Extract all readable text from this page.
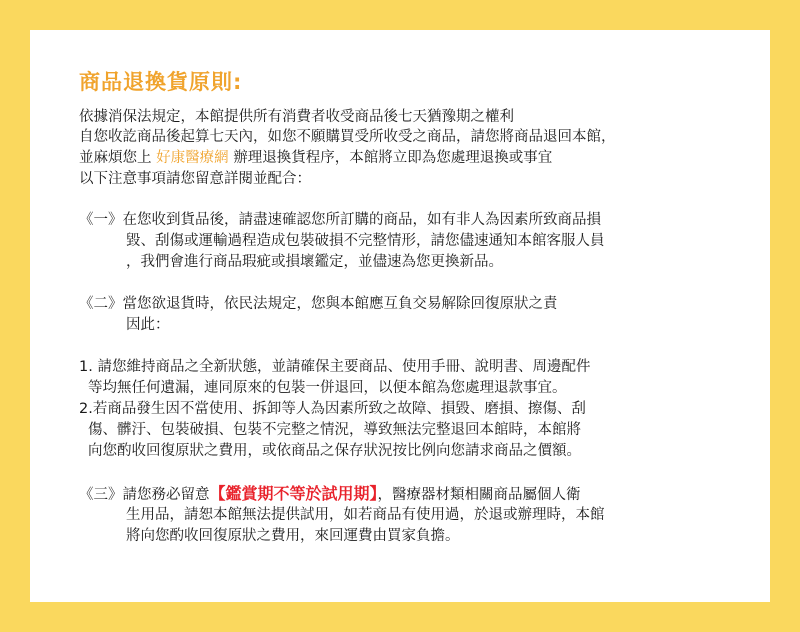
商品退換貨原則:
依據消保法規定，本館提供所有消費者收受商品後七天猶豫期之權利
自您收訖商品後起算七天內，如您不願購買受所收受之商品，請您將商品退回本館，
並麻煩您上 好康醫療網 辦理退換貨程序，本館將立即為您處理退換或事宜
以下注意事項請您留意詳閱並配合：
《一》在您收到貨品後，請盡速確認您所訂購的商品，如有非人為因素所致商品損
毀、刮傷或運輸過程造成包裝破損不完整情形，請您儘速通知本館客服人員
，我們會進行商品瑕疵或損壞鑑定，並儘速為您更換新品。
《二》當您欲退貨時，依民法規定，您與本館應互負交易解除回復原狀之責
因此：
1. 請您維持商品之全新狀態，並請確保主要商品、使用手冊、說明書、周邊配件
等均無任何遺漏，連同原來的包裝一併退回，以便本館為您處理退款事宜。
2.若商品發生因不當使用、拆卸等人為因素所致之故障、損毀、磨損、擦傷、刮
傷、髒汙、包裝破損、包裝不完整之情況，導致無法完整退回本館時，本館將
向您酌收回復原狀之費用，或依商品之保存狀況按比例向您請求商品之價額。
《三》請您務必留意【鑑賞期不等於試用期】，醫療器材類相關商品屬個人衛
生用品，請恕本館無法提供試用，如若商品有使用過，於退或辦理時，本館
將向您酌收回復原狀之費用，來回運費由買家負擔。
